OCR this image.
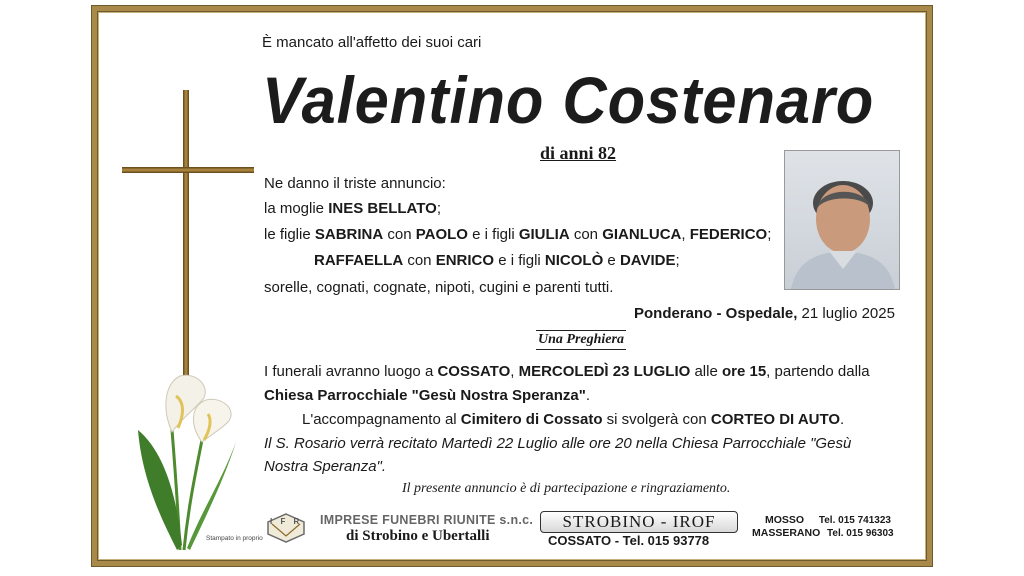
È mancato all'affetto dei suoi cari
Valentino Costenaro
di anni 82
Ne danno il triste annuncio:
la moglie INES BELLATO;
le figlie SABRINA con PAOLO e i figli GIULIA con GIANLUCA, FEDERICO;
RAFFAELLA con ENRICO e i figli NICOLÒ e DAVIDE;
sorelle, cognati, cognate, nipoti, cugini e parenti tutti.
Ponderano - Ospedale, 21 luglio 2025
Una Preghiera
I funerali avranno luogo a COSSATO, MERCOLEDÌ 23 LUGLIO alle ore 15, partendo dalla
Chiesa Parrocchiale "Gesù Nostra Speranza".
L'accompagnamento al Cimitero di Cossato si svolgerà con CORTEO DI AUTO.
Il S. Rosario verrà recitato Martedì 22 Luglio alle ore 20 nella Chiesa Parrocchiale "Gesù
Nostra Speranza".
Il presente annuncio è di partecipazione e ringraziamento.
Stampato in proprio
I F R IMPRESE FUNEBRI RIUNITE s.n.c.
di Strobino e Ubertalli
STROBINO - IROF
COSSATO - Tel. 015 93778
MOSSO Tel. 015 741323
MASSERANO Tel. 015 96303
